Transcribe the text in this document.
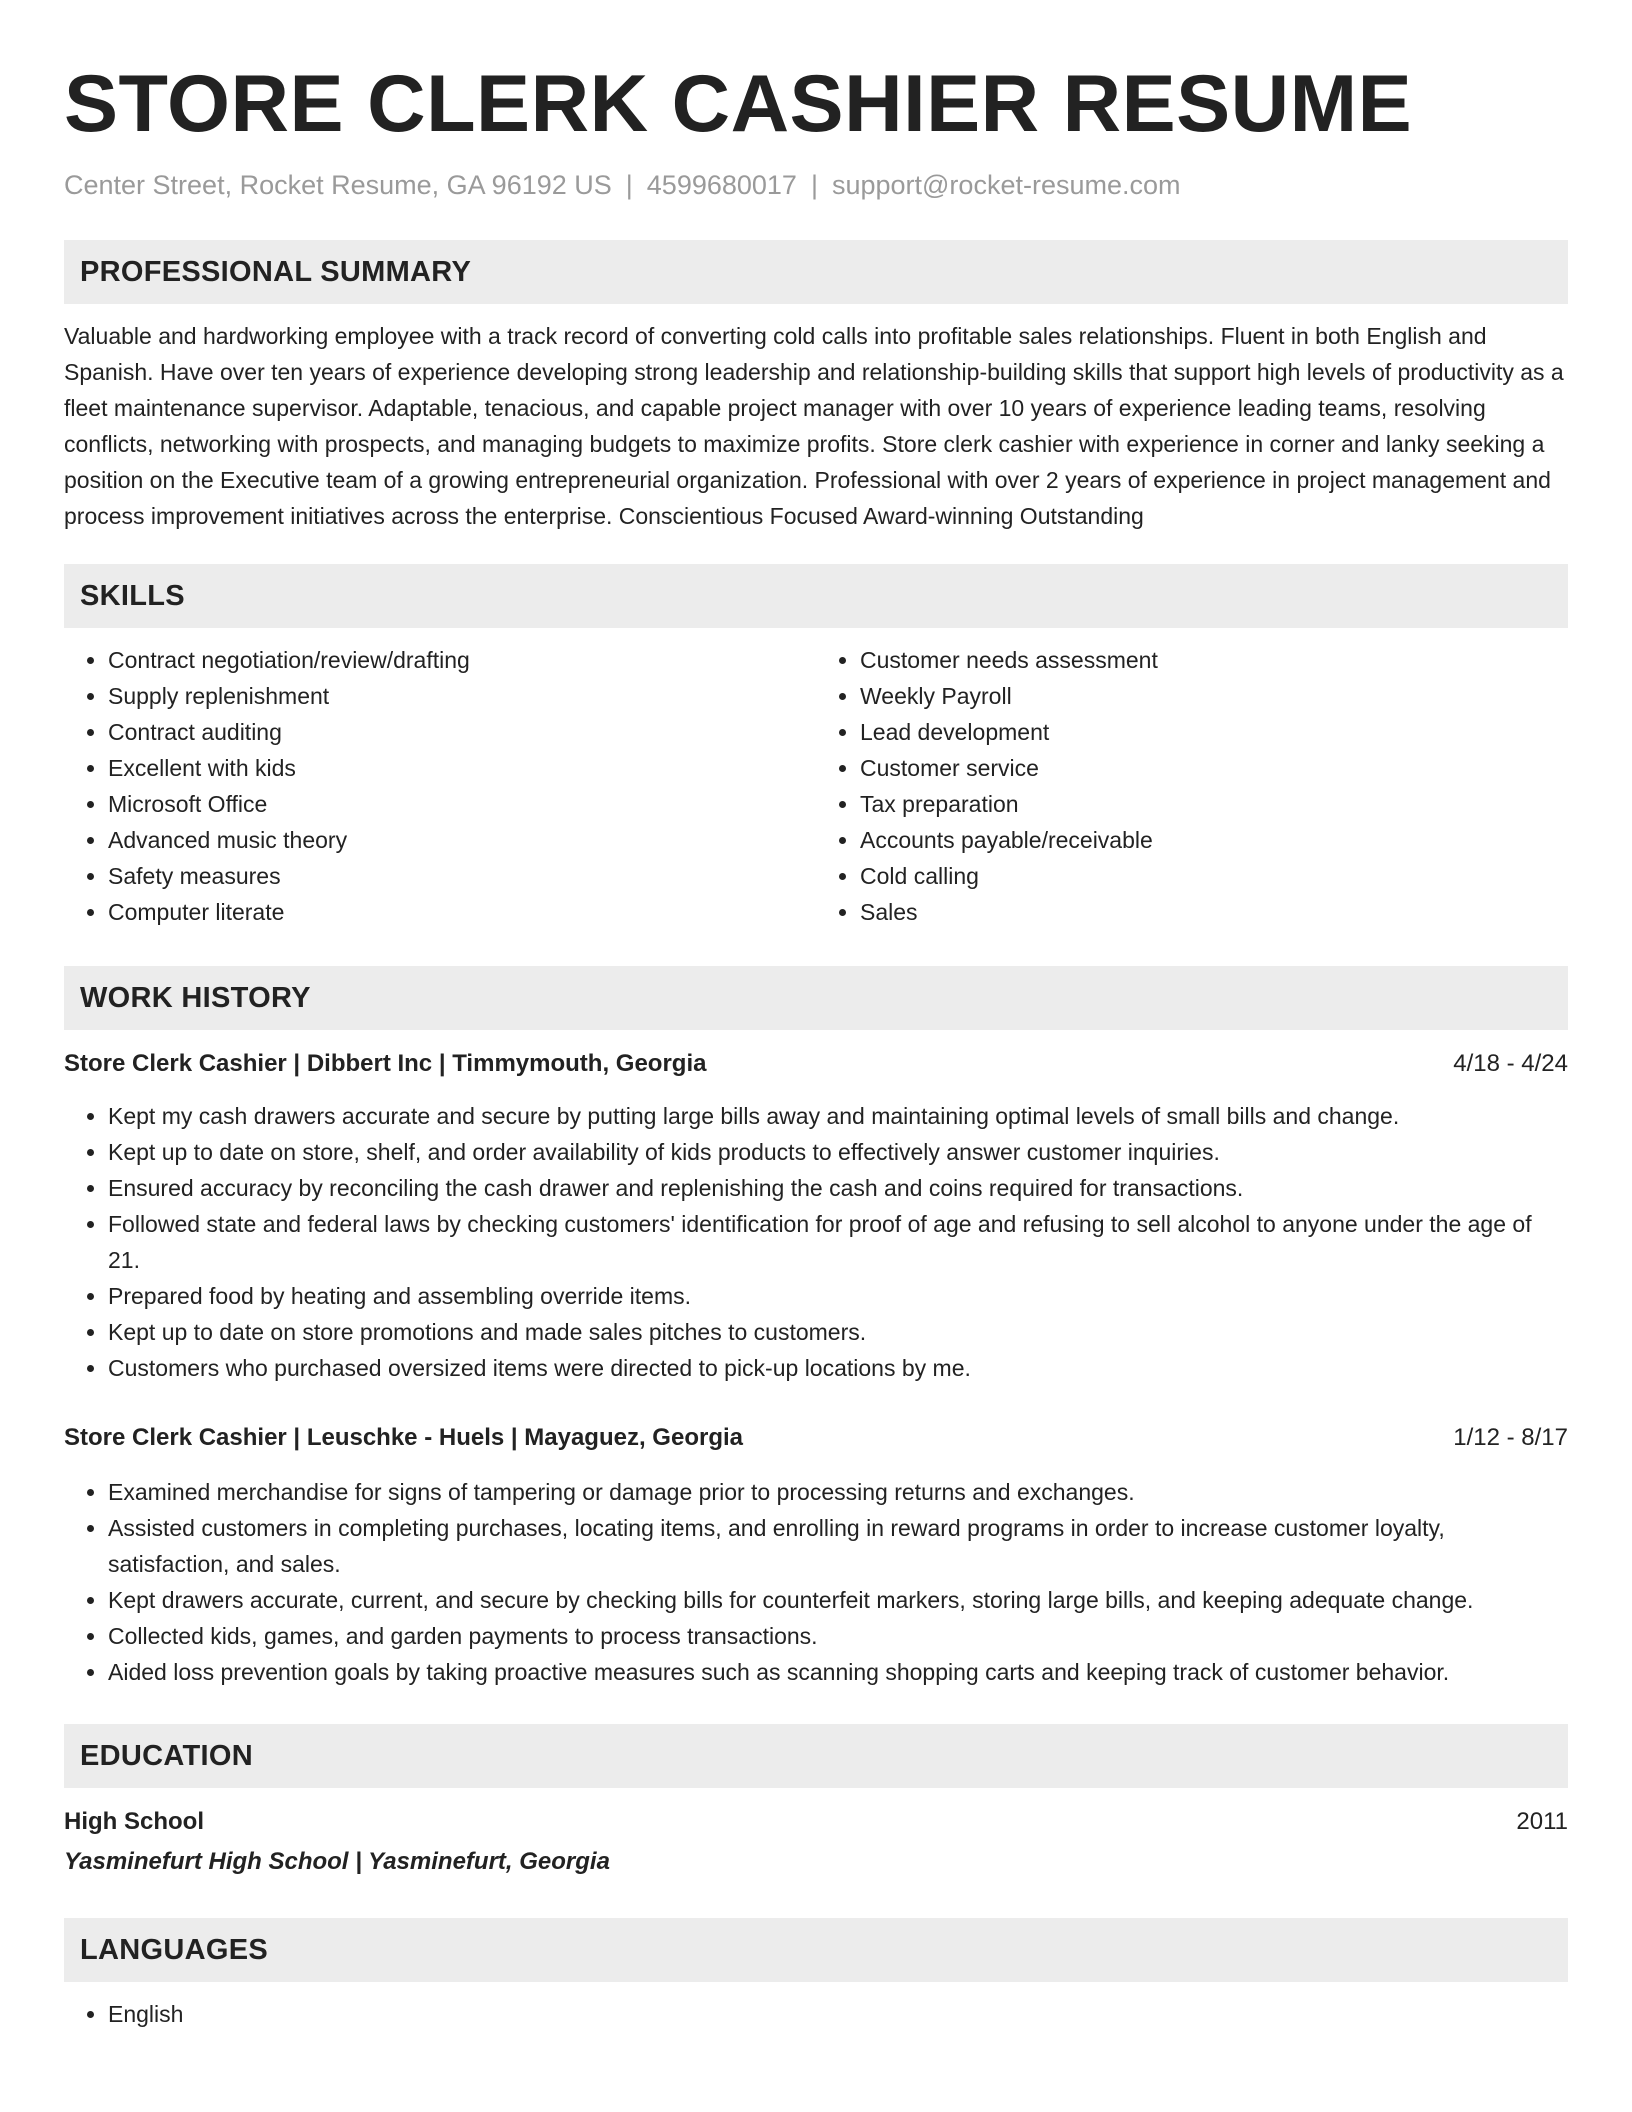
STORE CLERK CASHIER RESUME
Center Street, Rocket Resume, GA 96192 US | 4599680017 | support@rocket-resume.com
PROFESSIONAL SUMMARY
Valuable and hardworking employee with a track record of converting cold calls into profitable sales relationships. Fluent in both English and Spanish. Have over ten years of experience developing strong leadership and relationship-building skills that support high levels of productivity as a fleet maintenance supervisor. Adaptable, tenacious, and capable project manager with over 10 years of experience leading teams, resolving conflicts, networking with prospects, and managing budgets to maximize profits. Store clerk cashier with experience in corner and lanky seeking a position on the Executive team of a growing entrepreneurial organization. Professional with over 2 years of experience in project management and process improvement initiatives across the enterprise. Conscientious Focused Award-winning Outstanding
SKILLS
• Contract negotiation/review/drafting
• Supply replenishment
• Contract auditing
• Excellent with kids
• Microsoft Office
• Advanced music theory
• Safety measures
• Computer literate
• Customer needs assessment
• Weekly Payroll
• Lead development
• Customer service
• Tax preparation
• Accounts payable/receivable
• Cold calling
• Sales
WORK HISTORY
Store Clerk Cashier | Dibbert Inc | Timmymouth, Georgia	4/18 - 4/24
• Kept my cash drawers accurate and secure by putting large bills away and maintaining optimal levels of small bills and change.
• Kept up to date on store, shelf, and order availability of kids products to effectively answer customer inquiries.
• Ensured accuracy by reconciling the cash drawer and replenishing the cash and coins required for transactions.
• Followed state and federal laws by checking customers' identification for proof of age and refusing to sell alcohol to anyone under the age of 21.
• Prepared food by heating and assembling override items.
• Kept up to date on store promotions and made sales pitches to customers.
• Customers who purchased oversized items were directed to pick-up locations by me.
Store Clerk Cashier | Leuschke - Huels | Mayaguez, Georgia	1/12 - 8/17
• Examined merchandise for signs of tampering or damage prior to processing returns and exchanges.
• Assisted customers in completing purchases, locating items, and enrolling in reward programs in order to increase customer loyalty, satisfaction, and sales.
• Kept drawers accurate, current, and secure by checking bills for counterfeit markers, storing large bills, and keeping adequate change.
• Collected kids, games, and garden payments to process transactions.
• Aided loss prevention goals by taking proactive measures such as scanning shopping carts and keeping track of customer behavior.
EDUCATION
High School	2011
Yasminefurt High School | Yasminefurt, Georgia
LANGUAGES
• English
